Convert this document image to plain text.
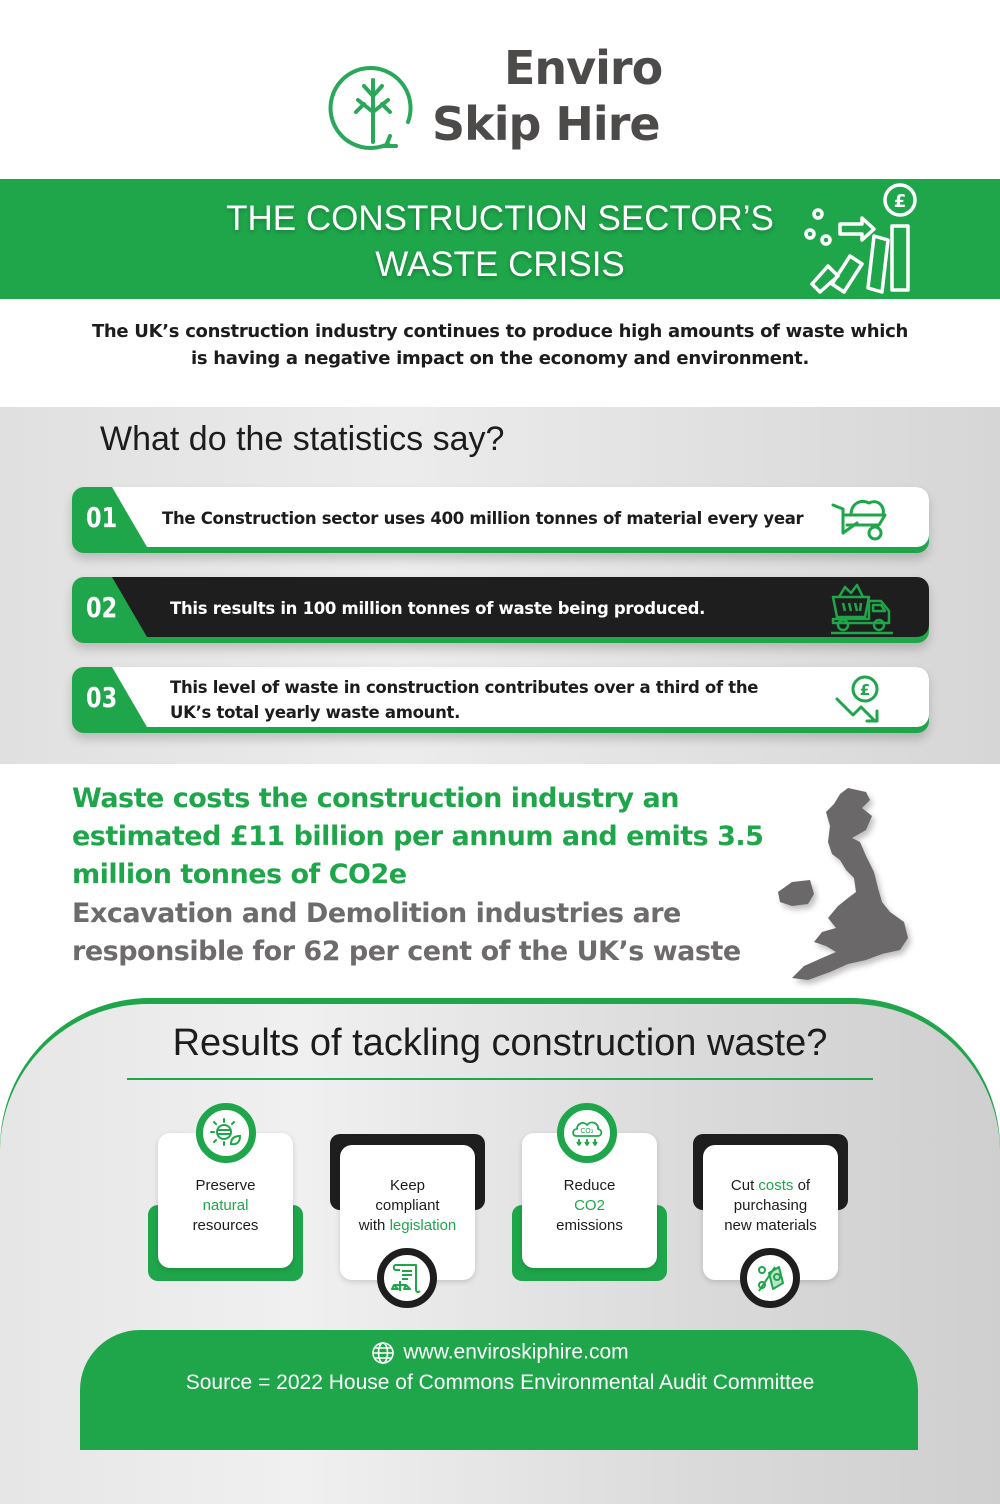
Enviro
Skip Hire
THE CONSTRUCTION SECTOR’S
WASTE CRISIS
£
The UK’s construction industry continues to produce high amounts of waste which
is having a negative impact on the economy and environment.
What do the statistics say?
01	The Construction sector uses 400 million tonnes of material every year
02	This results in 100 million tonnes of waste being produced.
03	This level of waste in construction contributes over a third of the
UK’s total yearly waste amount.
£
Waste costs the construction industry an
estimated £11 billion per annum and emits 3.5
million tonnes of CO2e
Excavation and Demolition industries are
responsible for 62 per cent of the UK’s waste
Results of tackling construction waste?
Preserve
natural
resources
Keep
compliant
with legislation
Reduce
CO2
emissions
CO₂
Cut costs of
purchasing
new materials
www.enviroskiphire.com
Source = 2022 House of Commons Environmental Audit Committee
